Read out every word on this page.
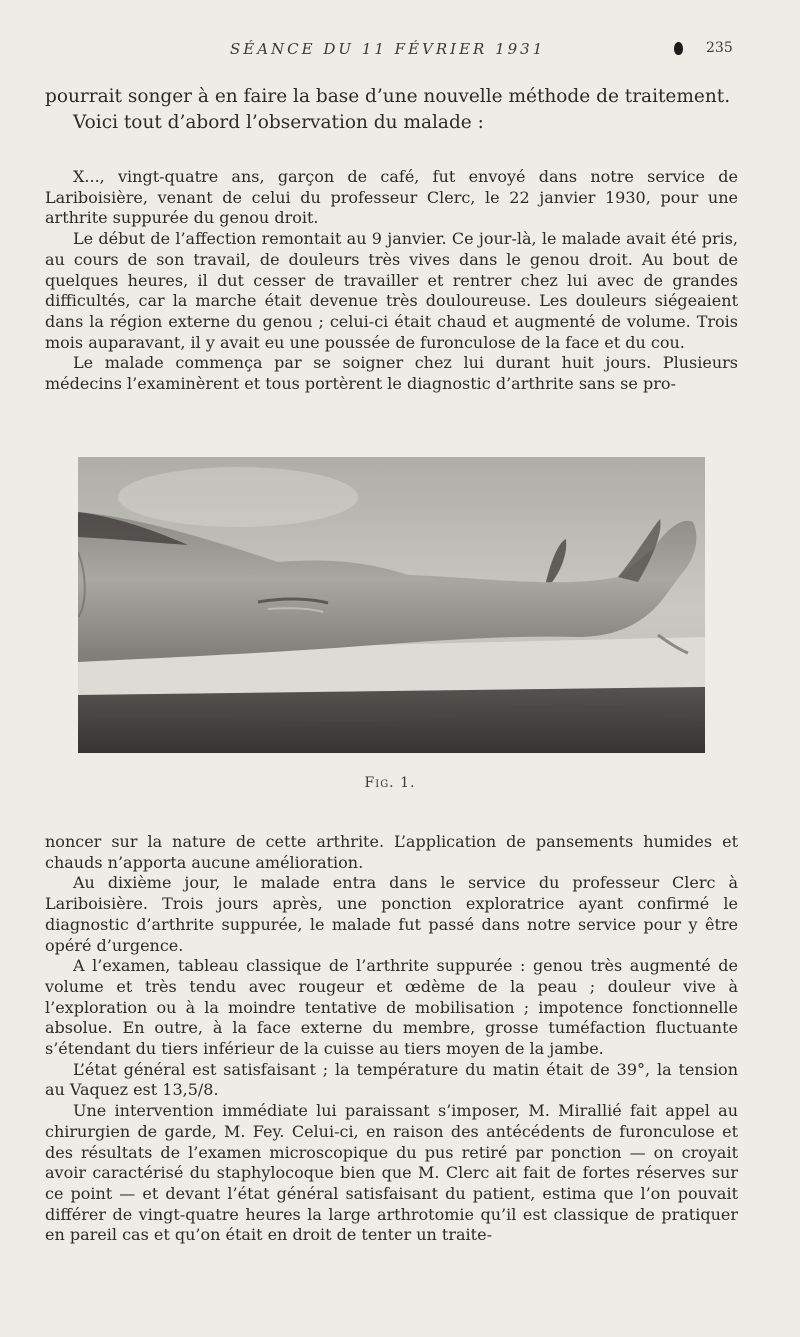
SÉANCE DU 11 FÉVRIER 1931	235

pourrait songer à en faire la base d’une nouvelle méthode de traitement.

Voici tout d’abord l’observation du malade :

X..., vingt-quatre ans, garçon de café, fut envoyé dans notre service de Lariboisière, venant de celui du professeur Clerc, le 22 janvier 1930, pour une arthrite suppurée du genou droit.

Le début de l’affection remontait au 9 janvier. Ce jour-là, le malade avait été pris, au cours de son travail, de douleurs très vives dans le genou droit. Au bout de quelques heures, il dut cesser de travailler et rentrer chez lui avec de grandes difficultés, car la marche était devenue très douloureuse. Les douleurs siégeaient dans la région externe du genou ; celui-ci était chaud et augmenté de volume. Trois mois auparavant, il y avait eu une poussée de furonculose de la face et du cou.

Le malade commença par se soigner chez lui durant huit jours. Plusieurs médecins l’examinèrent et tous portèrent le diagnostic d’arthrite sans se pro-

Fig. 1.

noncer sur la nature de cette arthrite. L’application de pansements humides et chauds n’apporta aucune amélioration.

Au dixième jour, le malade entra dans le service du professeur Clerc à Lariboisière. Trois jours après, une ponction exploratrice ayant confirmé le diagnostic d’arthrite suppurée, le malade fut passé dans notre service pour y être opéré d’urgence.

A l’examen, tableau classique de l’arthrite suppurée : genou très augmenté de volume et très tendu avec rougeur et œdème de la peau ; douleur vive à l’exploration ou à la moindre tentative de mobilisation ; impotence fonctionnelle absolue. En outre, à la face externe du membre, grosse tuméfaction fluctuante s’étendant du tiers inférieur de la cuisse au tiers moyen de la jambe.

L’état général est satisfaisant ; la température du matin était de 39°, la tension au Vaquez est 13,5/8.

Une intervention immédiate lui paraissant s’imposer, M. Mirallié fait appel au chirurgien de garde, M. Fey. Celui-ci, en raison des antécédents de furonculose et des résultats de l’examen microscopique du pus retiré par ponction — on croyait avoir caractérisé du staphylocoque bien que M. Clerc ait fait de fortes réserves sur ce point — et devant l’état général satisfaisant du patient, estima que l’on pouvait différer de vingt-quatre heures la large arthrotomie qu’il est classique de pratiquer en pareil cas et qu’on était en droit de tenter un traite-
